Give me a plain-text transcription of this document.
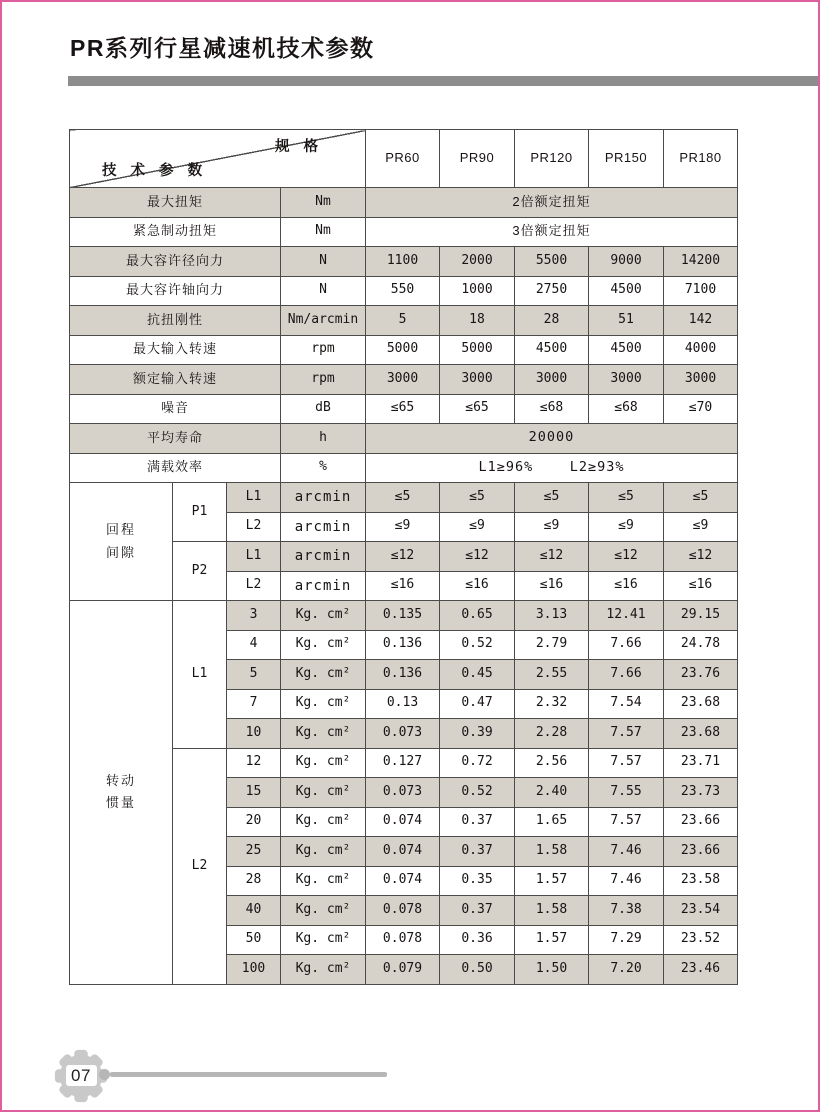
PR系列行星减速机技术参数
规 格
技 术 参 数				PR60	PR90	PR120	PR150	PR180
最大扭矩			Nm	2倍额定扭矩				
紧急制动扭矩			Nm	3倍额定扭矩				
最大容许径向力			N	1100	2000	5500	9000	14200
最大容许轴向力			N	550	1000	2750	4500	7100
抗扭刚性			Nm/arcmin	5	18	28	51	142
最大输入转速			rpm	5000	5000	4500	4500	4000
额定输入转速			rpm	3000	3000	3000	3000	3000
噪音			dB	≤65	≤65	≤68	≤68	≤70
平均寿命			h	20000				
满载效率			%	L1≥96%    L2≥93%				

回程
间隙	P1	L1	arcmin	≤5	≤5	≤5	≤5	≤5
		L2	arcmin	≤9	≤9	≤9	≤9	≤9
	P2	L1	arcmin	≤12	≤12	≤12	≤12	≤12
		L2	arcmin	≤16	≤16	≤16	≤16	≤16

转动
惯量	L1	3	Kg. cm²	0.135	0.65	3.13	12.41	29.15
		4	Kg. cm²	0.136	0.52	2.79	7.66	24.78
		5	Kg. cm²	0.136	0.45	2.55	7.66	23.76
		7	Kg. cm²	0.13	0.47	2.32	7.54	23.68
		10	Kg. cm²	0.073	0.39	2.28	7.57	23.68
	L2	12	Kg. cm²	0.127	0.72	2.56	7.57	23.71
		15	Kg. cm²	0.073	0.52	2.40	7.55	23.73
		20	Kg. cm²	0.074	0.37	1.65	7.57	23.66
		25	Kg. cm²	0.074	0.37	1.58	7.46	23.66
		28	Kg. cm²	0.074	0.35	1.57	7.46	23.58
		40	Kg. cm²	0.078	0.37	1.58	7.38	23.54
		50	Kg. cm²	0.078	0.36	1.57	7.29	23.52
		100	Kg. cm²	0.079	0.50	1.50	7.20	23.46
07
